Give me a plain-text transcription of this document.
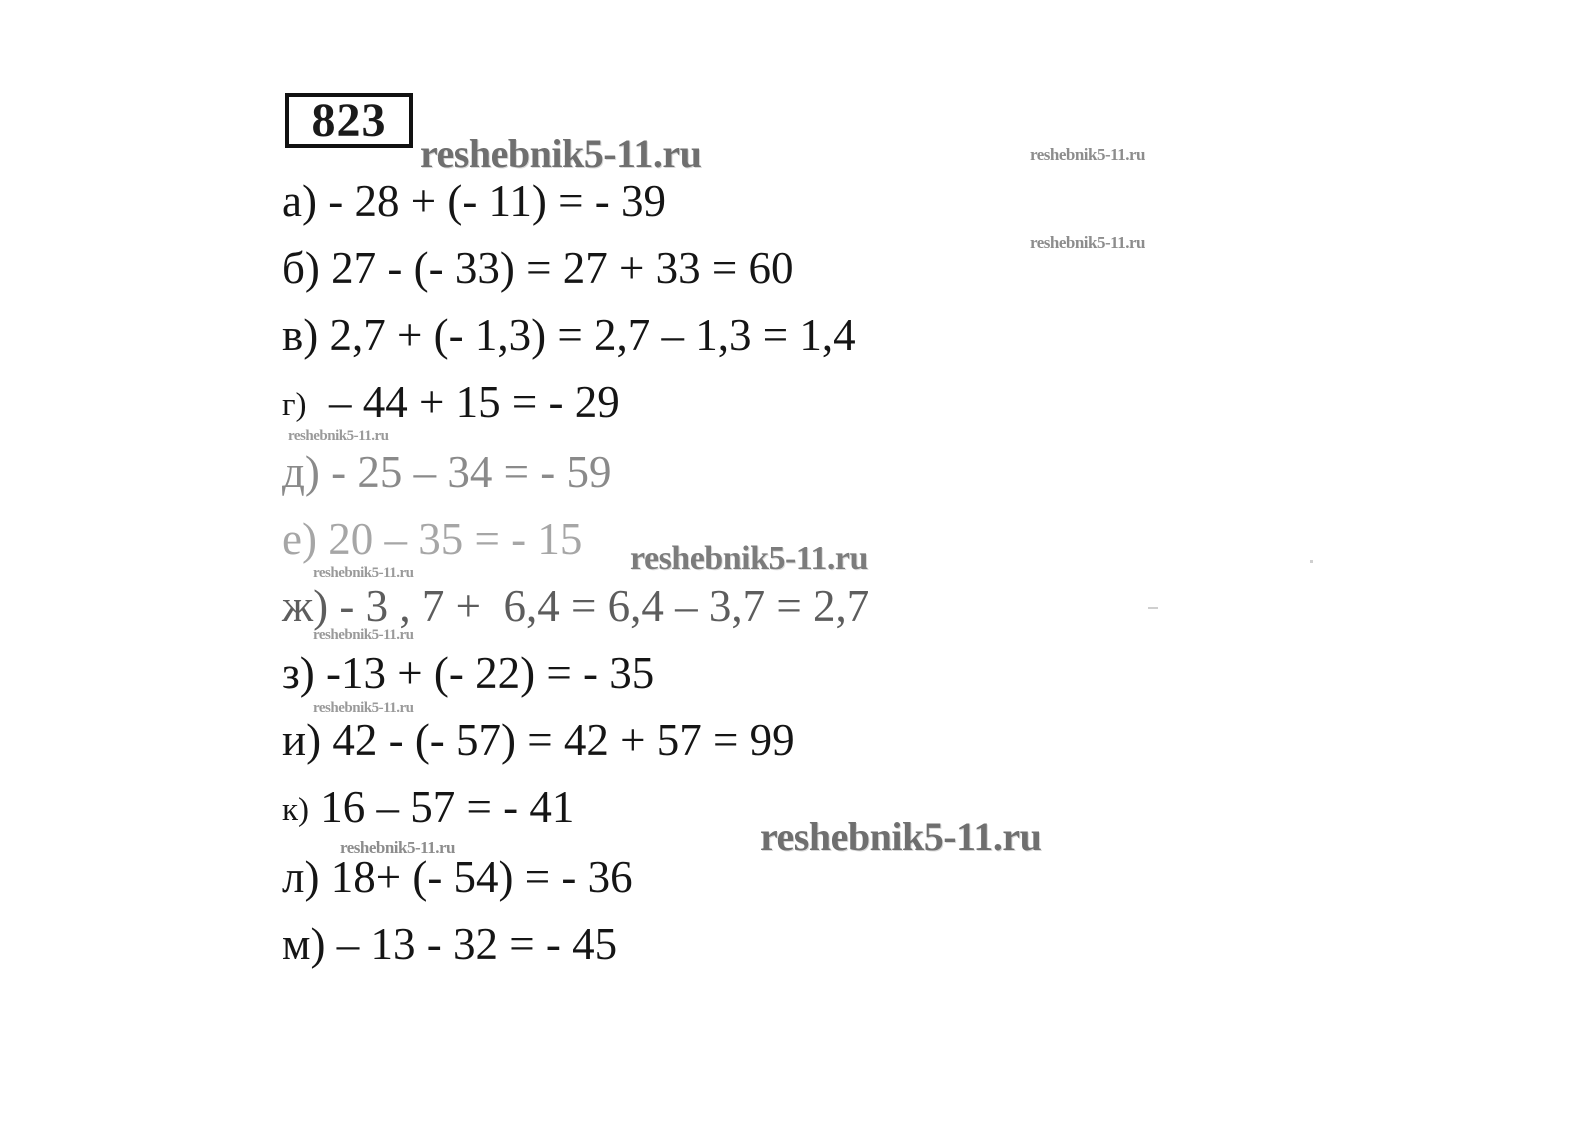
823
а) - 28 + (- 11) = - 39
б) 27 - (- 33) = 27 + 33 = 60
в) 2,7 + (- 1,3) = 2,7 – 1,3 = 1,4
г)  – 44 + 15 = - 29
д) - 25 – 34 = - 59
е) 20 – 35 = - 15
ж) - 3 , 7 +  6,4 = 6,4 – 3,7 = 2,7
з) -13 + (- 22) = - 35
и) 42 - (- 57) = 42 + 57 = 99
к) 16 – 57 = - 41
л) 18+ (- 54) = - 36
м) – 13 - 32 = - 45
reshebnik5-11.ru	reshebnik5-11.ru
reshebnik5-11.ru
reshebnik5-11.ru
reshebnik5-11.ru
reshebnik5-11.ru
reshebnik5-11.ru
reshebnik5-11.ru
reshebnik5-11.ru
reshebnik5-11.ru
